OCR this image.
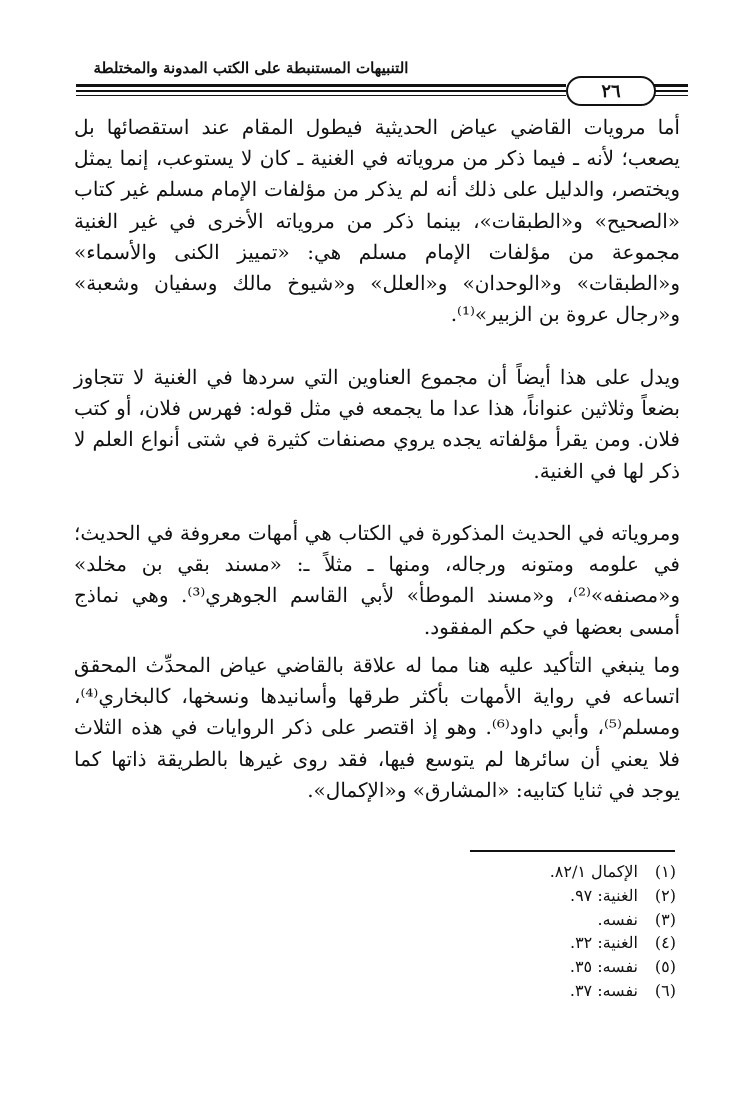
التنبيهات المستنبطة على الكتب المدونة والمختلطة
٢٦

أما مرويات القاضي عياض الحديثية فيطول المقام عند استقصائها بل يصعب؛ لأنه ـ فيما ذكر من مروياته في الغنية ـ كان لا يستوعب، إنما يمثل ويختصر، والدليل على ذلك أنه لم يذكر من مؤلفات الإمام مسلم غير كتاب «الصحيح» و«الطبقات»، بينما ذكر من مروياته الأخرى في غير الغنية مجموعة من مؤلفات الإمام مسلم هي: «تمييز الكنى والأسماء» و«الطبقات» و«الوحدان» و«العلل» و«شيوخ مالك وسفيان وشعبة» و«رجال عروة بن الزبير»⁽¹⁾.

ويدل على هذا أيضاً أن مجموع العناوين التي سردها في الغنية لا تتجاوز بضعاً وثلاثين عنواناً، هذا عدا ما يجمعه في مثل قوله: فهرس فلان، أو كتب فلان. ومن يقرأ مؤلفاته يجده يروي مصنفات كثيرة في شتى أنواع العلم لا ذكر لها في الغنية.

ومروياته في الحديث المذكورة في الكتاب هي أمهات معروفة في الحديث؛ في علومه ومتونه ورجاله، ومنها ـ مثلاً ـ: «مسند بقي بن مخلد» و«مصنفه»⁽²⁾، و«مسند الموطأ» لأبي القاسم الجوهري⁽³⁾. وهي نماذج أمسى بعضها في حكم المفقود.

وما ينبغي التأكيد عليه هنا مما له علاقة بالقاضي عياض المحدِّث المحقق اتساعه في رواية الأمهات بأكثر طرقها وأسانيدها ونسخها، كالبخاري⁽⁴⁾، ومسلم⁽⁵⁾، وأبي داود⁽⁶⁾. وهو إذ اقتصر على ذكر الروايات في هذه الثلاث فلا يعني أن سائرها لم يتوسع فيها، فقد روى غيرها بالطريقة ذاتها كما يوجد في ثنايا كتابيه: «المشارق» و«الإكمال».

(١)الإكمال ٨٢/١.
(٢)الغنية: ٩٧.
(٣)نفسه.
(٤)الغنية: ٣٢.
(٥)نفسه: ٣٥.
(٦)نفسه: ٣٧.
